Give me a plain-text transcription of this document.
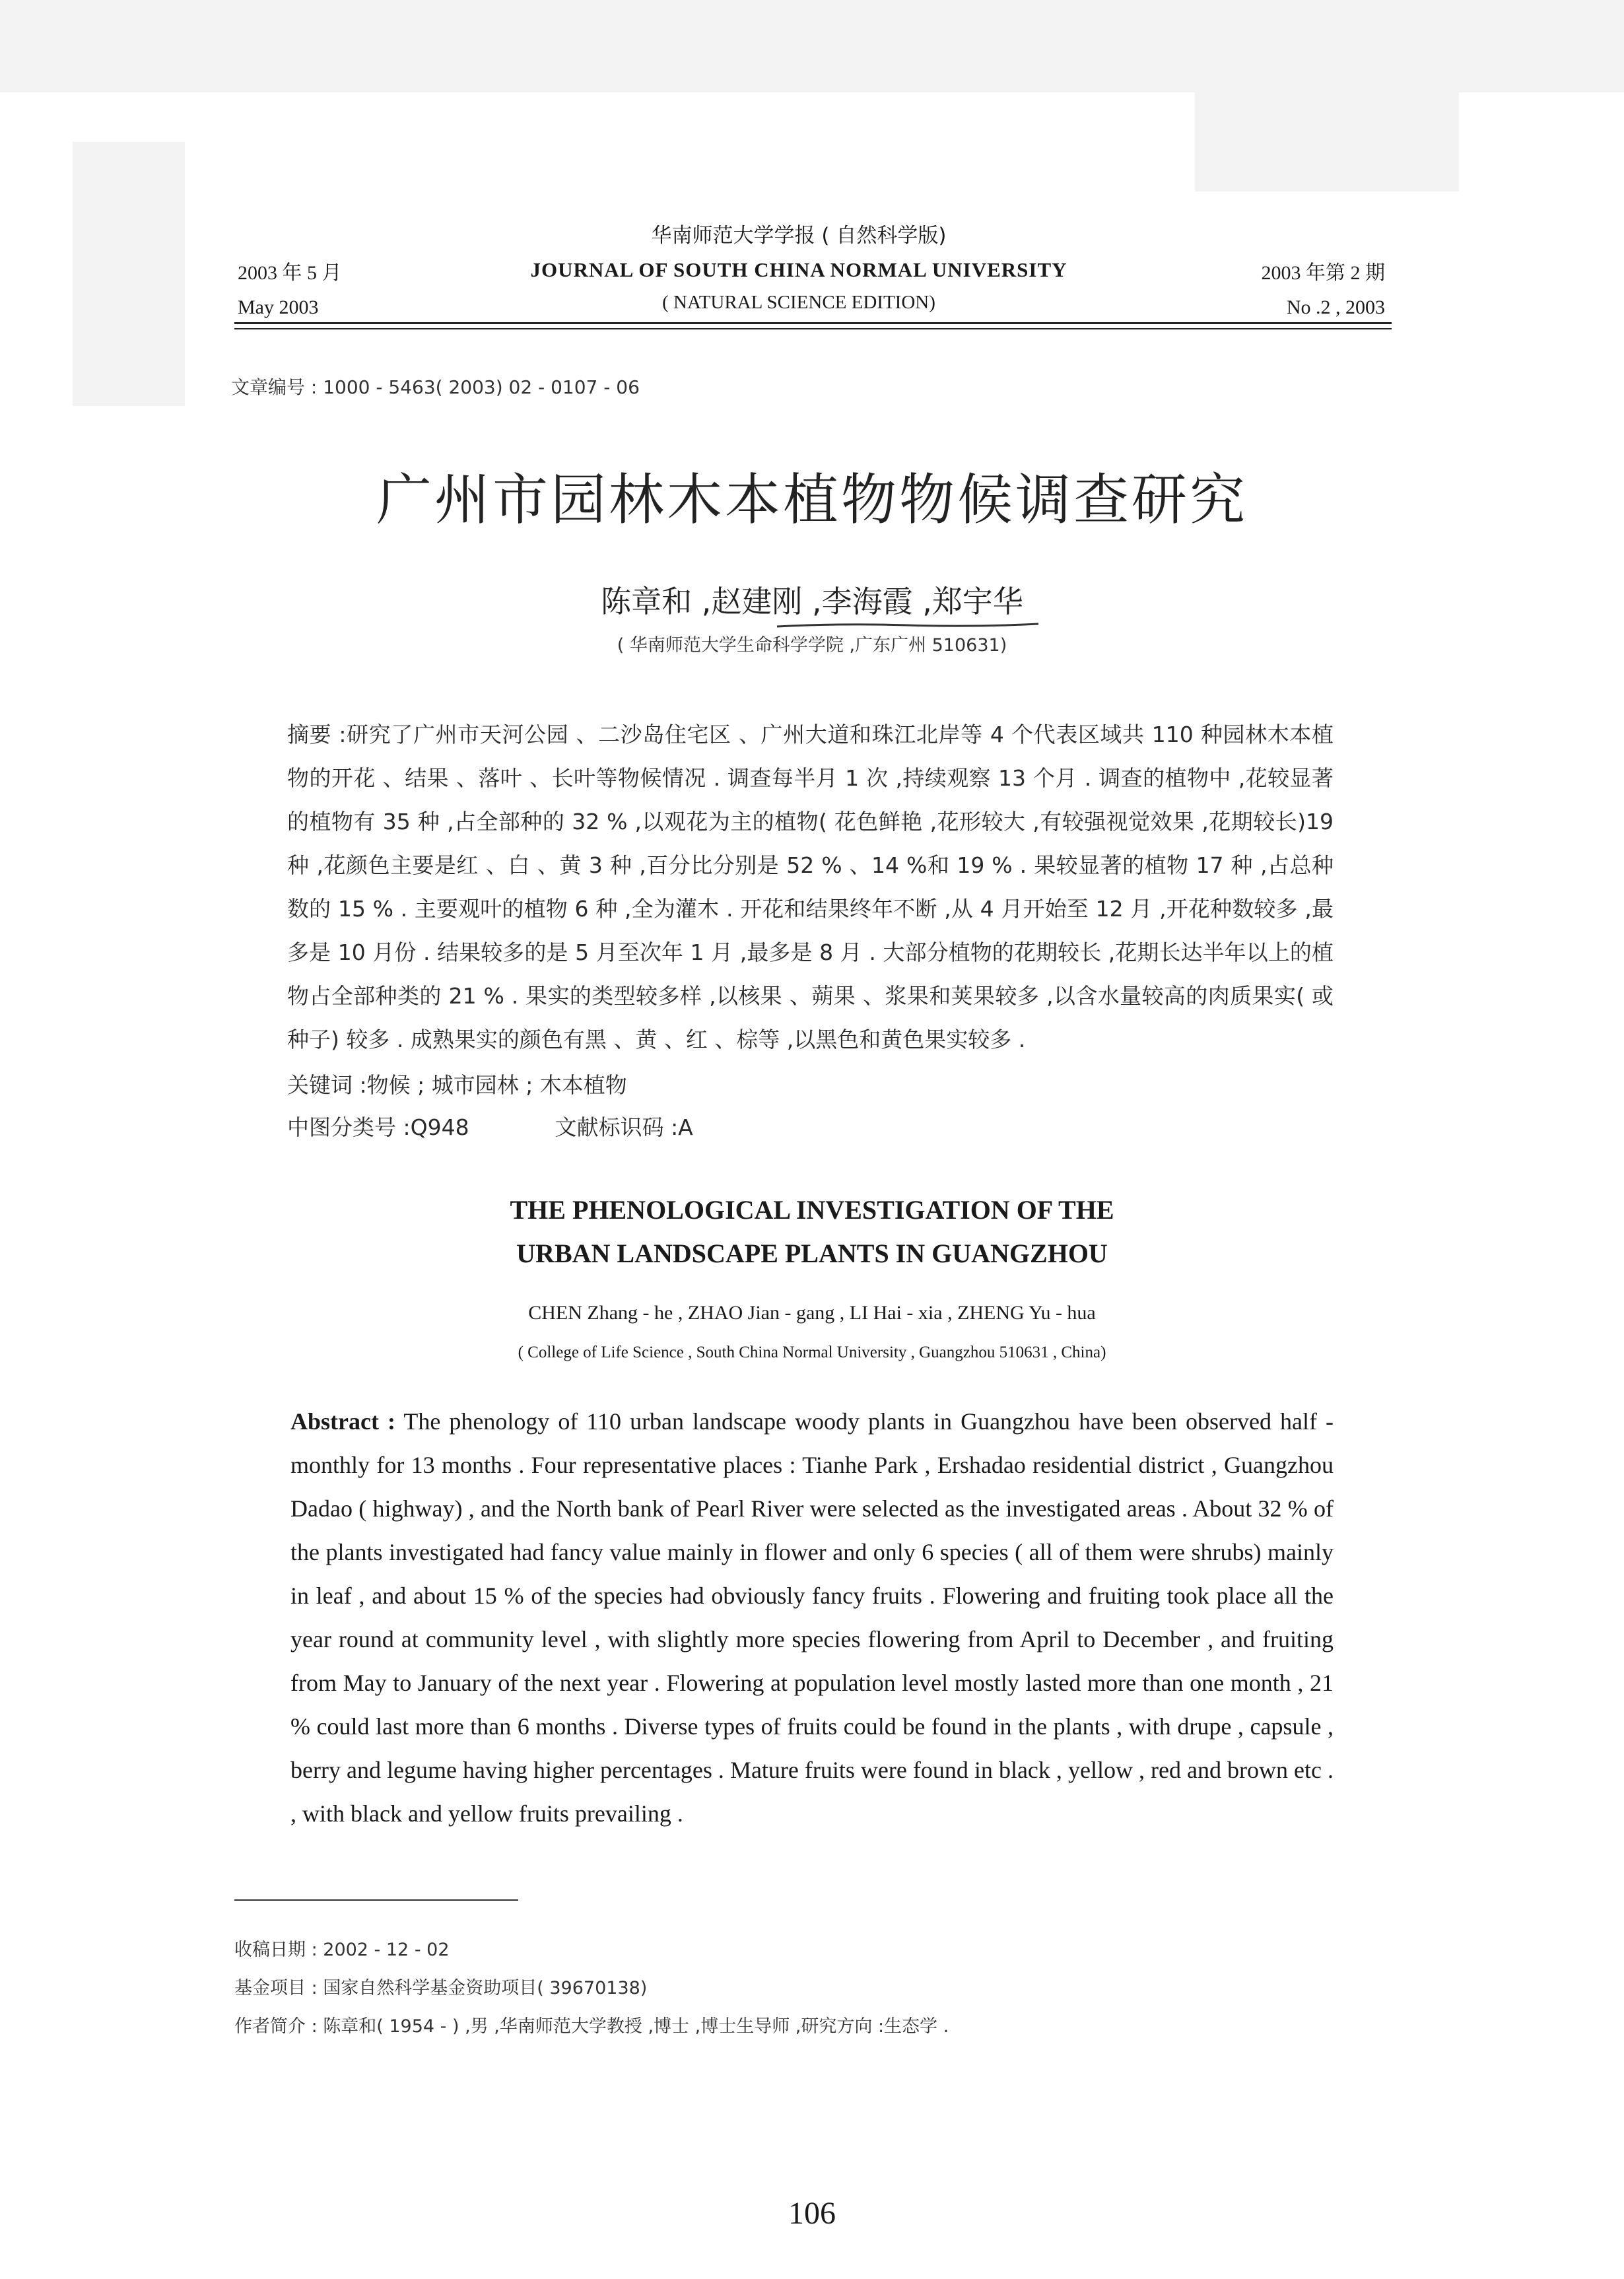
2003 年 5 月
May 2003
华南师范大学学报 ( 自然科学版)
JOURNAL OF SOUTH CHINA NORMAL UNIVERSITY
( NATURAL SCIENCE EDITION)
2003 年第 2 期
No .2 , 2003
文章编号 : 1000 - 5463( 2003) 02 - 0107 - 06
广州市园林木本植物物候调查研究
陈章和 ,赵建刚 ,李海霞 ,郑宇华
( 华南师范大学生命科学学院 ,广东广州 510631)
摘要 :研究了广州市天河公园 、二沙岛住宅区 、广州大道和珠江北岸等 4 个代表区域共 110 种园林木本植物的开花 、结果 、落叶 、长叶等物候情况 . 调查每半月 1 次 ,持续观察 13 个月 . 调查的植物中 ,花较显著的植物有 35 种 ,占全部种的 32 % ,以观花为主的植物( 花色鲜艳 ,花形较大 ,有较强视觉效果 ,花期较长)19 种 ,花颜色主要是红 、白 、黄 3 种 ,百分比分别是 52 % 、14 %和 19 % . 果较显著的植物 17 种 ,占总种数的 15 % . 主要观叶的植物 6 种 ,全为灌木 . 开花和结果终年不断 ,从 4 月开始至 12 月 ,开花种数较多 ,最多是 10 月份 . 结果较多的是 5 月至次年 1 月 ,最多是 8 月 . 大部分植物的花期较长 ,花期长达半年以上的植物占全部种类的 21 % . 果实的类型较多样 ,以核果 、蒴果 、浆果和荚果较多 ,以含水量较高的肉质果实( 或种子) 较多 . 成熟果实的颜色有黑 、黄 、红 、棕等 ,以黑色和黄色果实较多 .
关键词 :物候 ; 城市园林 ; 木本植物
中图分类号 :Q948	文献标识码 :A
THE PHENOLOGICAL INVESTIGATION OF THE
URBAN LANDSCAPE PLANTS IN GUANGZHOU
CHEN Zhang - he , ZHAO Jian - gang , LI Hai - xia , ZHENG Yu - hua
( College of Life Science , South China Normal University , Guangzhou 510631 , China)
Abstract : The phenology of 110 urban landscape woody plants in Guangzhou have been observed half - monthly for 13 months . Four representative places : Tianhe Park , Ershadao residential district , Guangzhou Dadao ( highway) , and the North bank of Pearl River were selected as the investigated areas . About 32 % of the plants investigated had fancy value mainly in flower and only 6 species ( all of them were shrubs) mainly in leaf , and about 15 % of the species had obviously fancy fruits . Flowering and fruiting took place all the year round at community level , with slightly more species flowering from April to December , and fruiting from May to January of the next year . Flowering at population level mostly lasted more than one month , 21 % could last more than 6 months . Diverse types of fruits could be found in the plants , with drupe , capsule , berry and legume having higher percentages . Mature fruits were found in black , yellow , red and brown etc . , with black and yellow fruits prevailing .
收稿日期 : 2002 - 12 - 02
基金项目 : 国家自然科学基金资助项目( 39670138)
作者简介 : 陈章和( 1954 - ) ,男 ,华南师范大学教授 ,博士 ,博士生导师 ,研究方向 :生态学 .
106
